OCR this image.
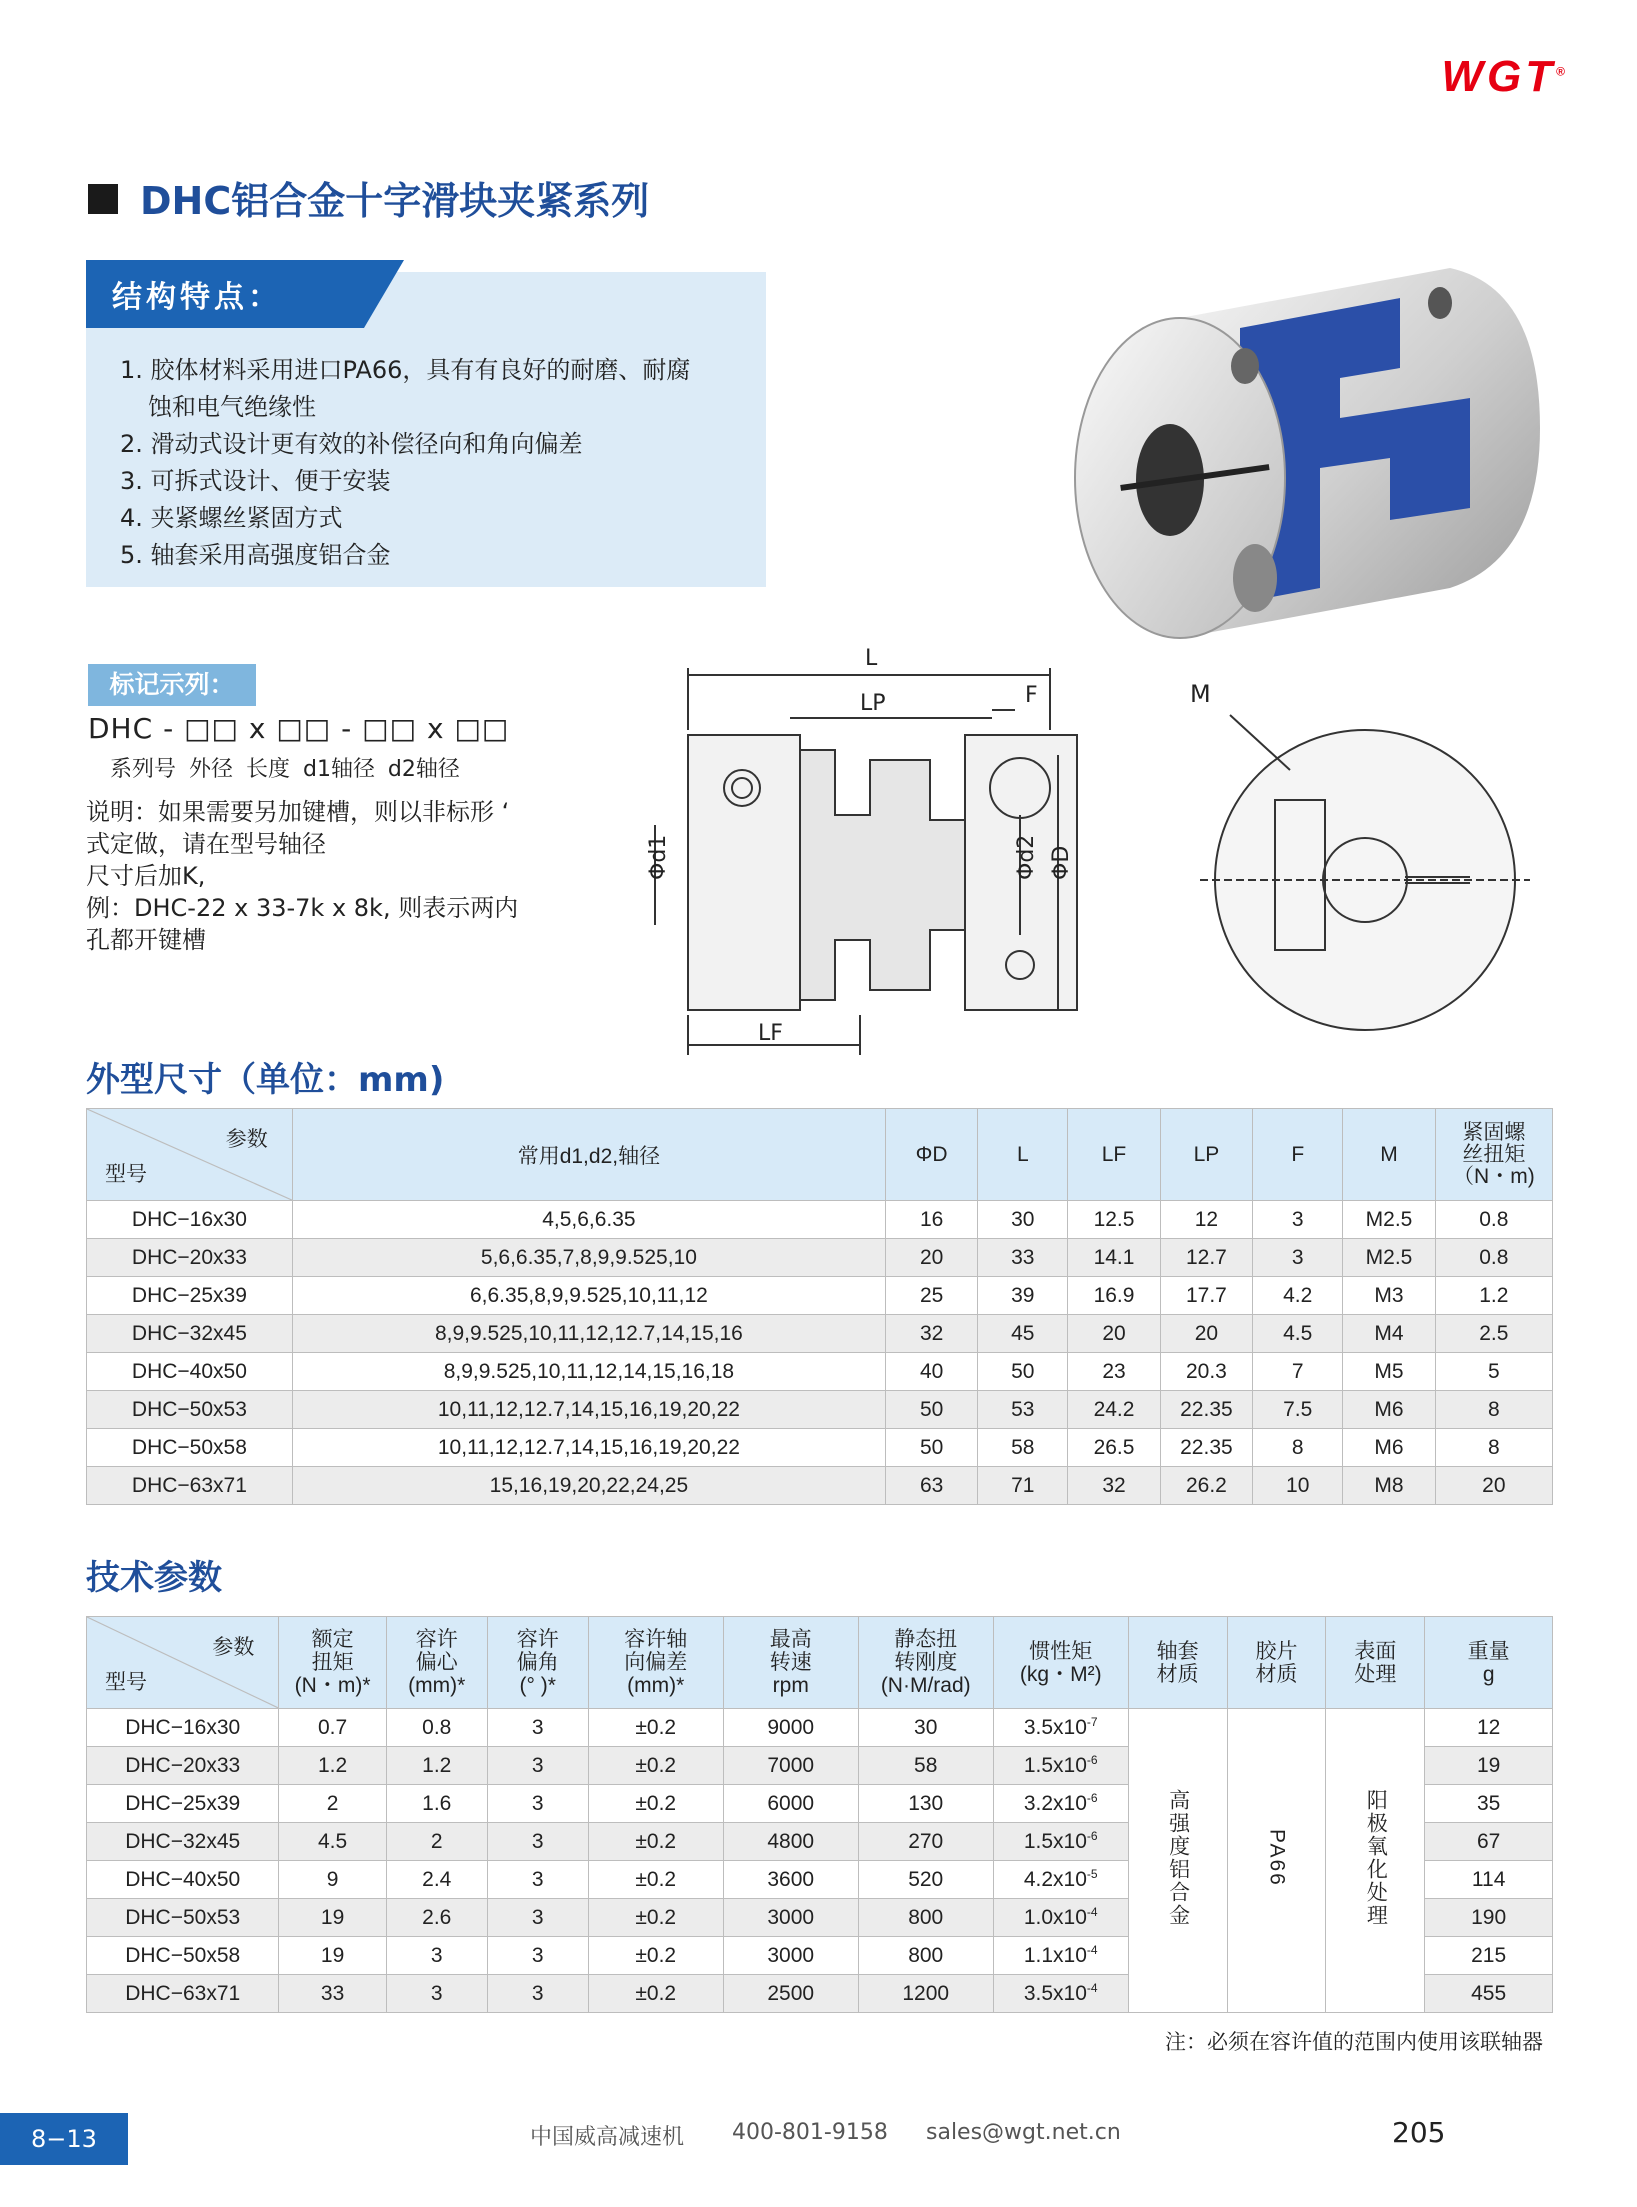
WGT®
DHC铝合金十字滑块夹紧系列
结构特点：
1. 胶体材料采用进口PA66，具有有良好的耐磨、耐腐
蚀和电气绝缘性
2. 滑动式设计更有效的补偿径向和角向偏差
3. 可拆式设计、便于安装
4. 夹紧螺丝紧固方式
5. 轴套采用高强度铝合金
标记示列：
DHC - □□ x □□ - □□ x □□
系列号 外径 长度 d1轴径 d2轴径
说明：如果需要另加键槽，则以非标形 ‘
式定做，请在型号轴径
尺寸后加K,
例：DHC-22 x 33-7k x 8k, 则表示两内
孔都开键槽
L
LP	F
Φd1	Φd2 ΦD
LF
M
外型尺寸（单位：mm)
参数
型号	常用d1,d2,轴径	ΦD	L	LF	LP	F	M	紧固螺
丝扭矩
（N・m)
DHC−16x30	4,5,6,6.35	16	30	12.5	12	3	M2.5	0.8
DHC−20x33	5,6,6.35,7,8,9,9.525,10	20	33	14.1	12.7	3	M2.5	0.8
DHC−25x39	6,6.35,8,9,9.525,10,11,12	25	39	16.9	17.7	4.2	M3	1.2
DHC−32x45	8,9,9.525,10,11,12,12.7,14,15,16	32	45	20	20	4.5	M4	2.5
DHC−40x50	8,9,9.525,10,11,12,14,15,16,18	40	50	23	20.3	7	M5	5
DHC−50x53	10,11,12,12.7,14,15,16,19,20,22	50	53	24.2	22.35	7.5	M6	8
DHC−50x58	10,11,12,12.7,14,15,16,19,20,22	50	58	26.5	22.35	8	M6	8
DHC−63x71	15,16,19,20,22,24,25	63	71	32	26.2	10	M8	20
技术参数
参数
型号	额定
扭矩
(N・m)*	容许
偏心
(mm)*	容许
偏角
(° )*	容许轴
向偏差
(mm)*	最高
转速
rpm	静态扭
转刚度
(N·M/rad)	惯性矩
(kg・M²)	轴套
材质	胶片
材质	表面
处理	重量
g
DHC−16x30	0.7	0.8	3	±0.2	9000	30	$3.5x10^{-7}$	高强度铝合金	PA66	阳极氧化处理	12
DHC−20x33	1.2	1.2	3	±0.2	7000	58	$1.5x10^{-6}$				19
DHC−25x39	2	1.6	3	±0.2	6000	130	$3.2x10^{-6}$				35
DHC−32x45	4.5	2	3	±0.2	4800	270	$1.5x10^{-6}$				67
DHC−40x50	9	2.4	3	±0.2	3600	520	$4.2x10^{-5}$				114
DHC−50x53	19	2.6	3	±0.2	3000	800	$1.0x10^{-4}$				190
DHC−50x58	19	3	3	±0.2	3000	800	$1.1x10^{-4}$				215
DHC−63x71	33	3	3	±0.2	2500	1200	$3.5x10^{-4}$				455
注：必须在容许值的范围内使用该联轴器
8−13	中国威高减速机 400-801-9158 sales@wgt.net.cn	205
